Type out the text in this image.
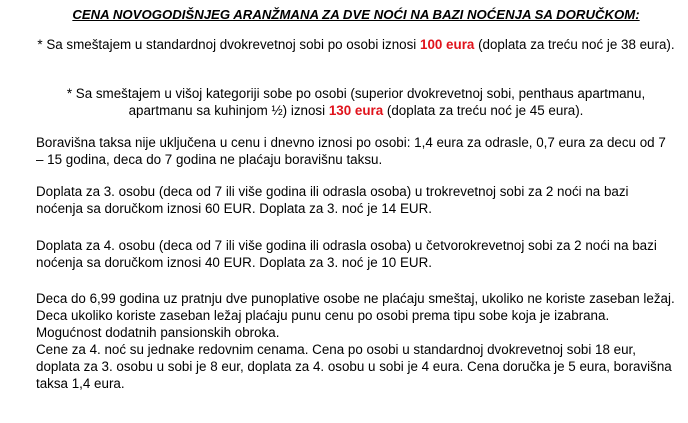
CENA NOVOGODIŠNJEG ARANŽMANA ZA DVE NOĆI NA BAZI NOĆENJA SA DORUČKOM:
* Sa smeštajem u standardnoj dvokrevetnoj sobi po osobi iznosi 100 eura (doplata za treću noć je 38 eura).
* Sa smeštajem u višoj kategoriji sobe po osobi (superior dvokrevetnoj sobi, penthaus apartmanu, apartmanu sa kuhinjom ½) iznosi 130 eura (doplata za treću noć je 45 eura).
Boravišna taksa nije uključena u cenu i dnevno iznosi po osobi: 1,4 eura za odrasle, 0,7 eura za decu od 7 – 15 godina, deca do 7 godina ne plaćaju boravišnu taksu.
Doplata za 3. osobu (deca od 7 ili više godina ili odrasla osoba) u trokrevetnoj sobi za 2 noći na bazi noćenja sa doručkom iznosi 60 EUR. Doplata za 3. noć je 14 EUR.
Doplata za 4. osobu (deca od 7 ili više godina ili odrasla osoba) u četvorokrevetnoj sobi za 2 noći na bazi noćenja sa doručkom iznosi 40 EUR. Doplata za 3. noć je 10 EUR.
Deca do 6,99 godina uz pratnju dve punoplative osobe ne plaćaju smeštaj, ukoliko ne koriste zaseban ležaj. Deca ukoliko koriste zaseban ležaj plaćaju punu cenu po osobi prema tipu sobe koja je izabrana.
Mogućnost dodatnih pansionskih obroka.
Cene za 4. noć su jednake redovnim cenama. Cena po osobi u standardnoj dvokrevetnoj sobi 18 eur, doplata za 3. osobu u sobi je 8 eur, doplata za 4. osobu u sobi je 4 eura. Cena doručka je 5 eura, boravišna taksa 1,4 eura.
